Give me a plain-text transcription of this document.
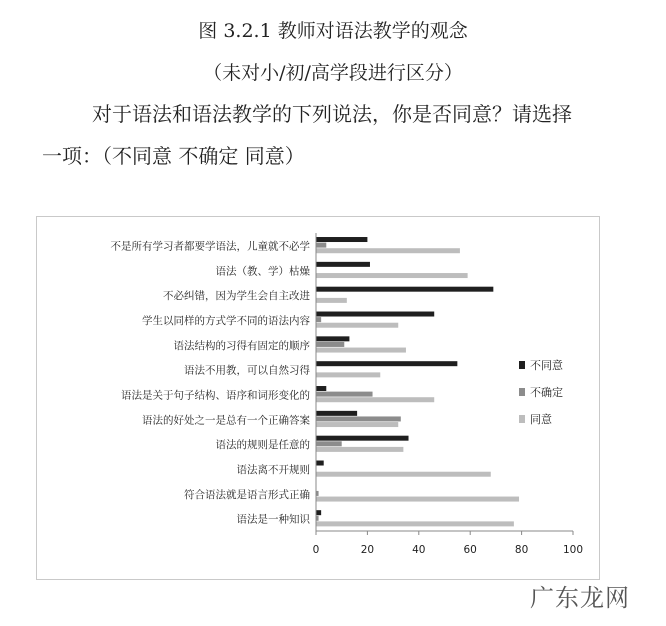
图 3.2.1 教师对语法教学的观念
（未对小/初/高学段进行区分）
对于语法和语法教学的下列说法，你是否同意？请选择
一项：（不同意 不确定 同意）
不是所有学习者都要学语法，儿童就不必学
语法（教、学）枯燥
不必纠错，因为学生会自主改进
学生以同样的方式学不同的语法内容
语法结构的习得有固定的顺序
语法不用教，可以自然习得
语法是关于句子结构、语序和词形变化的
语法的好处之一是总有一个正确答案
语法的规则是任意的
语法离不开规则
符合语法就是语言形式正确
语法是一种知识
0	20	40	60	80	100
不同意
不确定
同意
广东龙网
